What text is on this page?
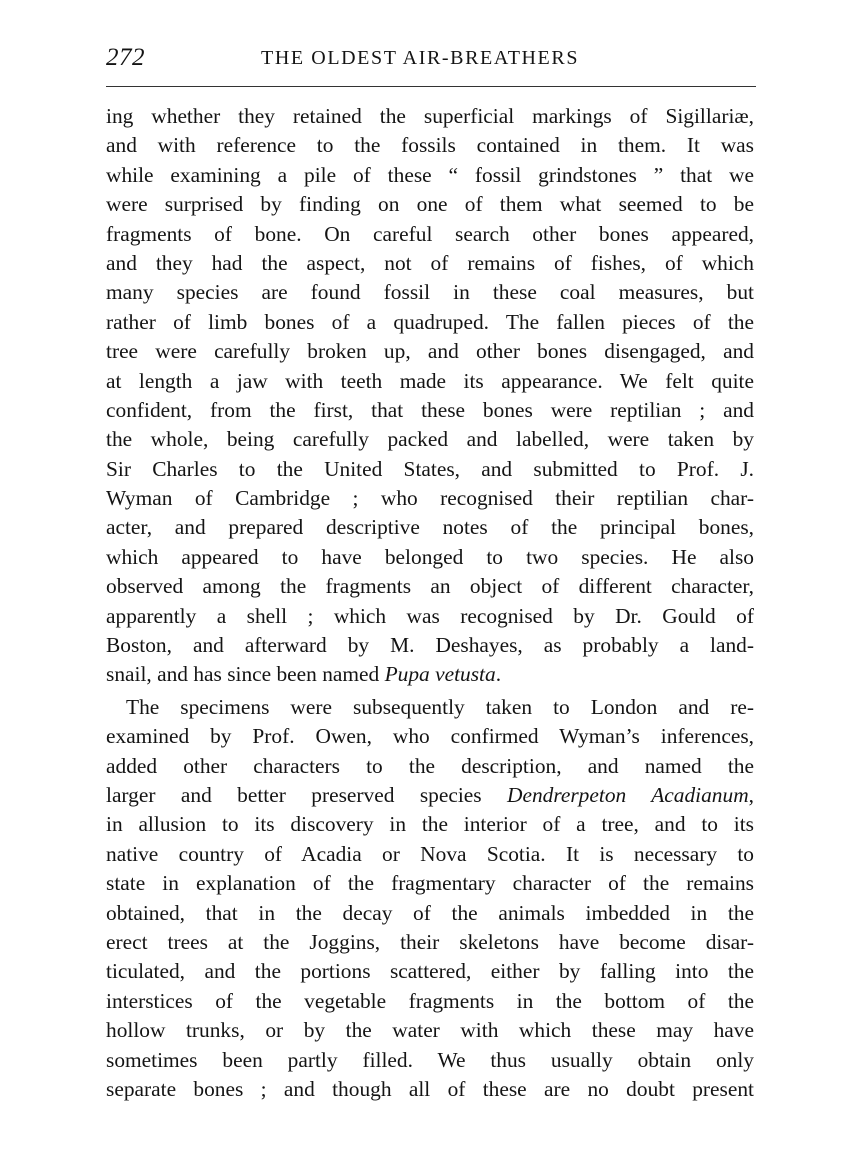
272	THE OLDEST AIR-BREATHERS
ing whether they retained the superficial markings of Sigillariæ,
and with reference to the fossils contained in them. It was
while examining a pile of these “ fossil grindstones ” that we
were surprised by finding on one of them what seemed to be
fragments of bone. On careful search other bones appeared,
and they had the aspect, not of remains of fishes, of which
many species are found fossil in these coal measures, but
rather of limb bones of a quadruped. The fallen pieces of the
tree were carefully broken up, and other bones disengaged, and
at length a jaw with teeth made its appearance. We felt quite
confident, from the first, that these bones were reptilian ; and
the whole, being carefully packed and labelled, were taken by
Sir Charles to the United States, and submitted to Prof. J.
Wyman of Cambridge ; who recognised their reptilian char-
acter, and prepared descriptive notes of the principal bones,
which appeared to have belonged to two species. He also
observed among the fragments an object of different character,
apparently a shell ; which was recognised by Dr. Gould of
Boston, and afterward by M. Deshayes, as probably a land-
snail, and has since been named Pupa vetusta.
The specimens were subsequently taken to London and re-
examined by Prof. Owen, who confirmed Wyman’s inferences,
added other characters to the description, and named the
larger and better preserved species Dendrerpeton Acadianum,
in allusion to its discovery in the interior of a tree, and to its
native country of Acadia or Nova Scotia. It is necessary to
state in explanation of the fragmentary character of the remains
obtained, that in the decay of the animals imbedded in the
erect trees at the Joggins, their skeletons have become disar-
ticulated, and the portions scattered, either by falling into the
interstices of the vegetable fragments in the bottom of the
hollow trunks, or by the water with which these may have
sometimes been partly filled. We thus usually obtain only
separate bones ; and though all of these are no doubt present
